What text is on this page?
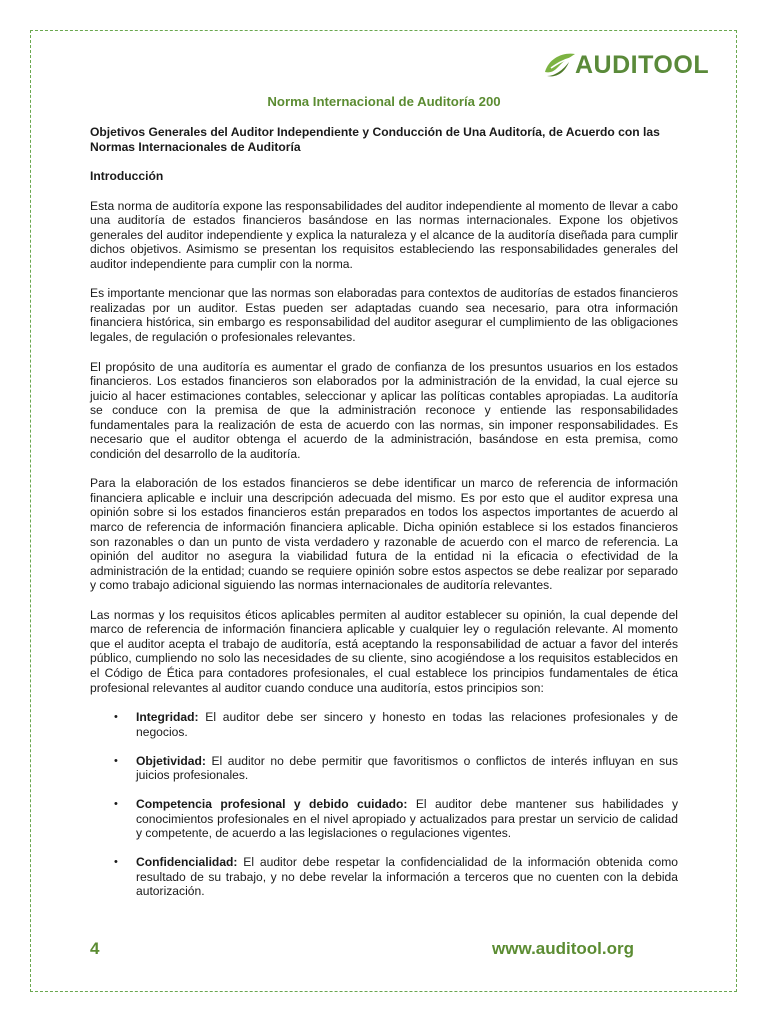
AUDITOOL
Norma Internacional de Auditoría 200
Objetivos Generales del Auditor Independiente y Conducción de Una Auditoría, de Acuerdo con las Normas Internacionales de Auditoría
Introducción

Esta norma de auditoría expone las responsabilidades del auditor independiente al momento de llevar a cabo una auditoría de estados financieros basándose en las normas internacionales. Expone los objetivos generales del auditor independiente y explica la naturaleza y el alcance de la auditoría diseñada para cumplir dichos objetivos. Asimismo se presentan los requisitos estableciendo las responsabilidades generales del auditor independiente para cumplir con la norma.

Es importante mencionar que las normas son elaboradas para contextos de auditorías de estados financieros realizadas por un auditor. Estas pueden ser adaptadas cuando sea necesario, para otra información financiera histórica, sin embargo es responsabilidad del auditor asegurar el cumplimiento de las obligaciones legales, de regulación o profesionales relevantes.

El propósito de una auditoría es aumentar el grado de confianza de los presuntos usuarios en los estados financieros. Los estados financieros son elaborados por la administración de la envidad, la cual ejerce su juicio al hacer estimaciones contables, seleccionar y aplicar las políticas contables apropiadas. La auditoría se conduce con la premisa de que la administración reconoce y entiende las responsabilidades fundamentales para la realización de esta de acuerdo con las normas, sin imponer responsabilidades. Es necesario que el auditor obtenga el acuerdo de la administración, basándose en esta premisa, como condición del desarrollo de la auditoría.

Para la elaboración de los estados financieros se debe identificar un marco de referencia de información financiera aplicable e incluir una descripción adecuada del mismo. Es por esto que el auditor expresa una opinión sobre si los estados financieros están preparados en todos los aspectos importantes de acuerdo al marco de referencia de información financiera aplicable. Dicha opinión establece si los estados financieros son razonables o dan un punto de vista verdadero y razonable de acuerdo con el marco de referencia. La opinión del auditor no asegura la viabilidad futura de la entidad ni la eficacia o efectividad de la administración de la entidad; cuando se requiere opinión sobre estos aspectos se debe realizar por separado y como trabajo adicional siguiendo las normas internacionales de auditoría relevantes.

Las normas y los requisitos éticos aplicables permiten al auditor establecer su opinión, la cual depende del marco de referencia de información financiera aplicable y cualquier ley o regulación relevante. Al momento que el auditor acepta el trabajo de auditoría, está aceptando la responsabilidad de actuar a favor del interés público, cumpliendo no solo las necesidades de su cliente, sino acogiéndose a los requisitos establecidos en el Código de Ética para contadores profesionales, el cual establece los principios fundamentales de ética profesional relevantes al auditor cuando conduce una auditoría, estos principios son:

• Integridad: El auditor debe ser sincero y honesto en todas las relaciones profesionales y de negocios.
• Objetividad: El auditor no debe permitir que favoritismos o conflictos de interés influyan en sus juicios profesionales.
• Competencia profesional y debido cuidado: El auditor debe mantener sus habilidades y conocimientos profesionales en el nivel apropiado y actualizados para prestar un servicio de calidad y competente, de acuerdo a las legislaciones o regulaciones vigentes.
• Confidencialidad: El auditor debe respetar la confidencialidad de la información obtenida como resultado de su trabajo, y no debe revelar la información a terceros que no cuenten con la debida autorización.
4	www.auditool.org
